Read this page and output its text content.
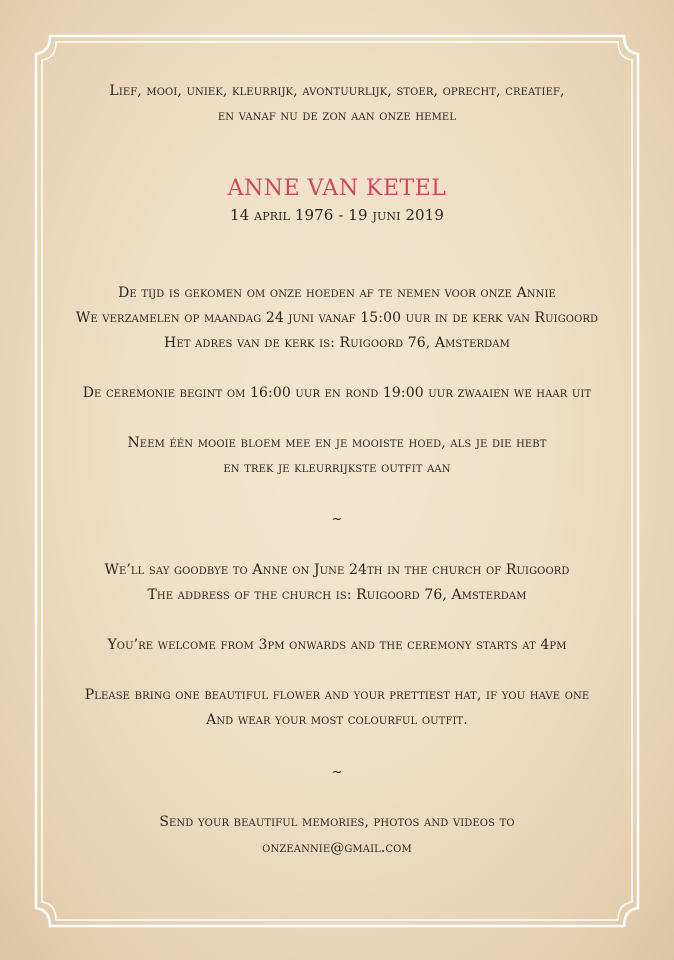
Lief, mooi, uniek, kleurrijk, avontuurlijk, stoer, oprecht, creatief,
en vanaf nu de zon aan onze hemel
ANNE VAN KETEL
14 april 1976 - 19 juni 2019
De tijd is gekomen om onze hoeden af te nemen voor onze Annie
We verzamelen op maandag 24 juni vanaf 15:00 uur in de kerk van Ruigoord
Het adres van de kerk is: Ruigoord 76, Amsterdam
De ceremonie begint om 16:00 uur en rond 19:00 uur zwaaien we haar uit
Neem één mooie bloem mee en je mooiste hoed, als je die hebt
en trek je kleurrijkste outfit aan
~
We’ll say goodbye to Anne on June 24th in the church of Ruigoord
The address of the church is: Ruigoord 76, Amsterdam
You’re welcome from 3pm onwards and the ceremony starts at 4pm
Please bring one beautiful flower and your prettiest hat, if you have one
And wear your most colourful outfit.
~
Send your beautiful memories, photos and videos to
onzeannie@gmail.com
